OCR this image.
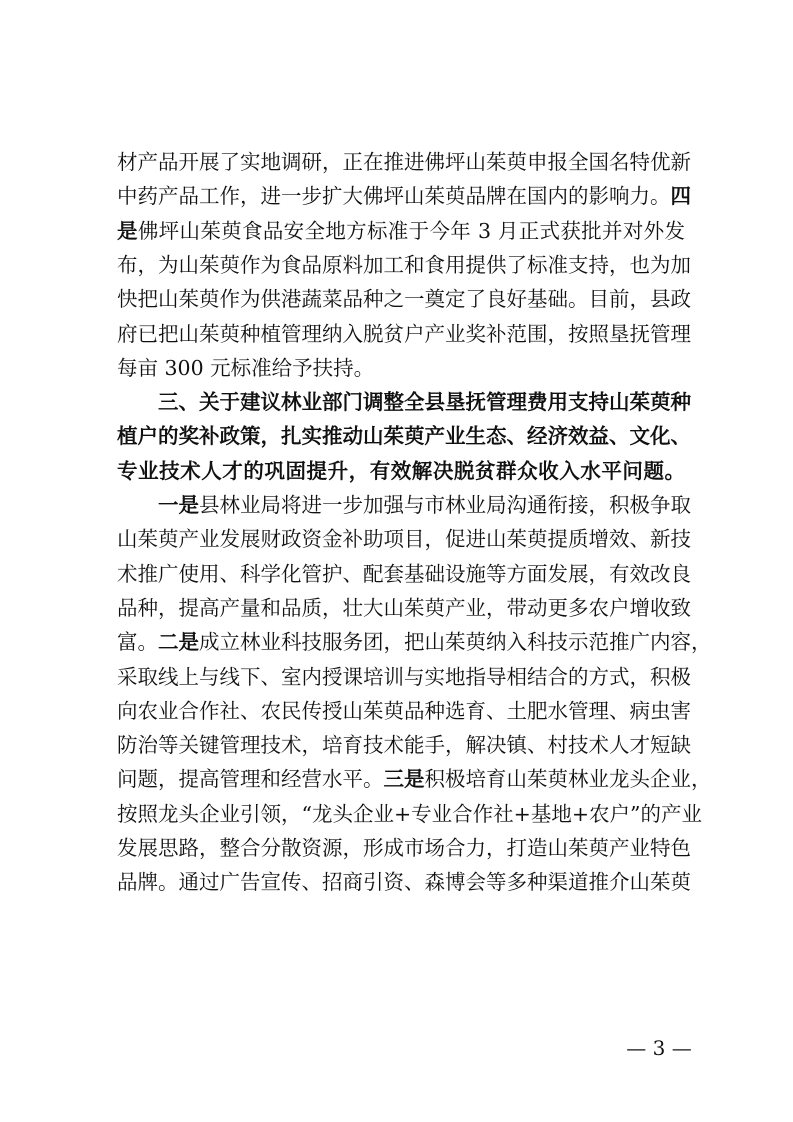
材产品开展了实地调研，正在推进佛坪山茱萸申报全国名特优新
中药产品工作，进一步扩大佛坪山茱萸品牌在国内的影响力。四
是佛坪山茱萸食品安全地方标准于今年 3 月正式获批并对外发
布，为山茱萸作为食品原料加工和食用提供了标准支持，也为加
快把山茱萸作为供港蔬菜品种之一奠定了良好基础。目前，县政
府已把山茱萸种植管理纳入脱贫户产业奖补范围，按照垦抚管理
每亩 300 元标准给予扶持。
三、关于建议林业部门调整全县垦抚管理费用支持山茱萸种
植户的奖补政策，扎实推动山茱萸产业生态、经济效益、文化、
专业技术人才的巩固提升，有效解决脱贫群众收入水平问题。
一是县林业局将进一步加强与市林业局沟通衔接，积极争取
山茱萸产业发展财政资金补助项目，促进山茱萸提质增效、新技
术推广使用、科学化管护、配套基础设施等方面发展，有效改良
品种，提高产量和品质，壮大山茱萸产业，带动更多农户增收致
富。二是成立林业科技服务团，把山茱萸纳入科技示范推广内容，
采取线上与线下、室内授课培训与实地指导相结合的方式，积极
向农业合作社、农民传授山茱萸品种选育、土肥水管理、病虫害
防治等关键管理技术，培育技术能手，解决镇、村技术人才短缺
问题，提高管理和经营水平。三是积极培育山茱萸林业龙头企业，
按照龙头企业引领，“龙头企业+专业合作社+基地+农户”的产业
发展思路，整合分散资源，形成市场合力，打造山茱萸产业特色
品牌。通过广告宣传、招商引资、森博会等多种渠道推介山茱萸
— 3 —
